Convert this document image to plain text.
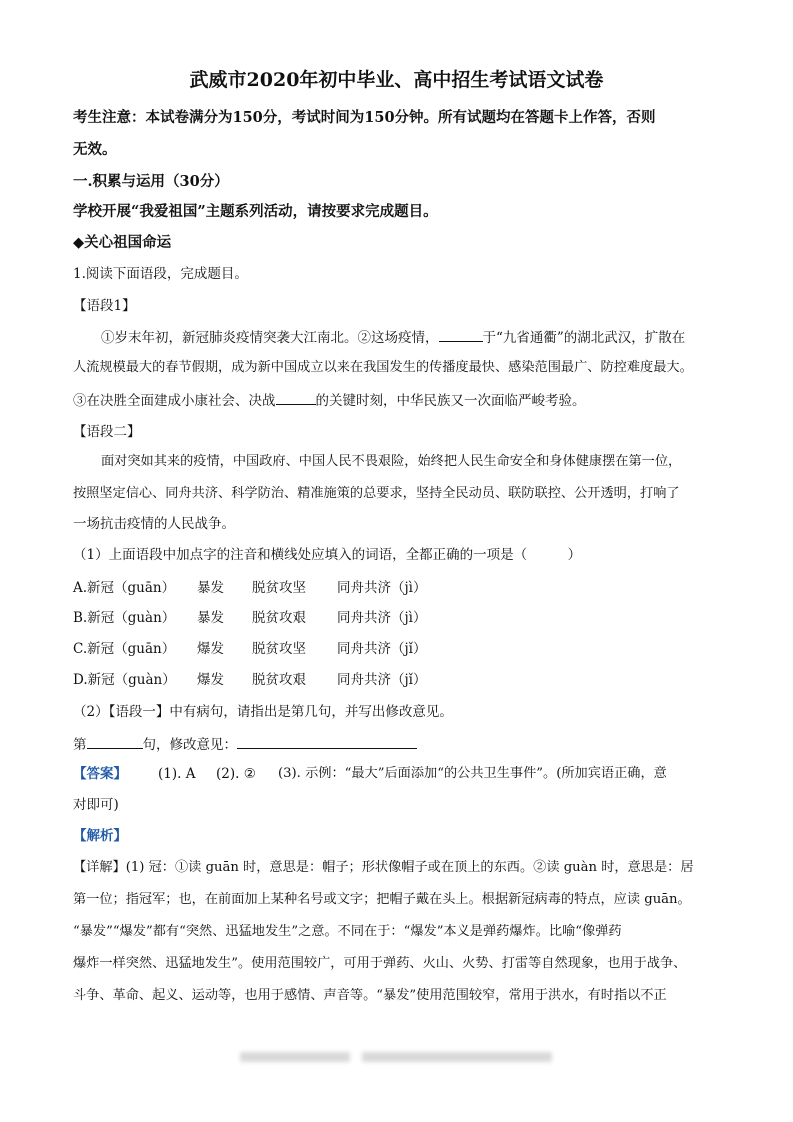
武威市2020年初中毕业、高中招生考试语文试卷
考生注意：本试卷满分为150分，考试时间为150分钟。所有试题均在答题卡上作答，否则
无效。
一.积累与运用（30分）
学校开展“我爱祖国”主题系列活动，请按要求完成题目。
◆关心祖国命运
1.阅读下面语段，完成题目。
【语段1】
①岁末年初，新冠肺炎疫情突袭大江南北。②这场疫情，	于“九省通衢”的湖北武汉，扩散在
人流规模最大的春节假期，成为新中国成立以来在我国发生的传播度最快、感染范围最广、防控难度最大。
③在决胜全面建成小康社会、决战	的关键时刻，中华民族又一次面临严峻考验。
【语段二】
面对突如其来的疫情，中国政府、中国人民不畏艰险，始终把人民生命安全和身体健康摆在第一位，
按照坚定信心、同舟共济、科学防治、精准施策的总要求，坚持全民动员、联防联控、公开透明，打响了
一场抗击疫情的人民战争。
（1）上面语段中加点字的注音和横线处应填入的词语，全都正确的一项是（　　　）
A.新冠（guān） 暴发 脱贫攻坚 同舟共济（jì）
B.新冠（guàn） 暴发 脱贫攻艰 同舟共济（jì）
C.新冠（guān） 爆发 脱贫攻坚 同舟共济（jǐ）
D.新冠（guàn） 爆发 脱贫攻艰 同舟共济（jǐ）
（2）【语段一】中有病句，请指出是第几句，并写出修改意见。
第	句，修改意见：
【答案】 (1). A (2). ② (3). 示例：“最大”后面添加“的公共卫生事件”。(所加宾语正确，意
对即可)
【解析】
【详解】(1) 冠：①读 guān 时，意思是：帽子；形状像帽子或在顶上的东西。②读 guàn 时，意思是：居
第一位；指冠军；也，在前面加上某种名号或文字；把帽子戴在头上。根据新冠病毒的特点，应读 guān。
“暴发”“爆发”都有“突然、迅猛地发生”之意。不同在于：“爆发”本义是弹药爆炸。比喻“像弹药
爆炸一样突然、迅猛地发生”。使用范围较广，可用于弹药、火山、火势、打雷等自然现象，也用于战争、
斗争、革命、起义、运动等，也用于感情、声音等。“暴发”使用范围较窄，常用于洪水，有时指以不正
